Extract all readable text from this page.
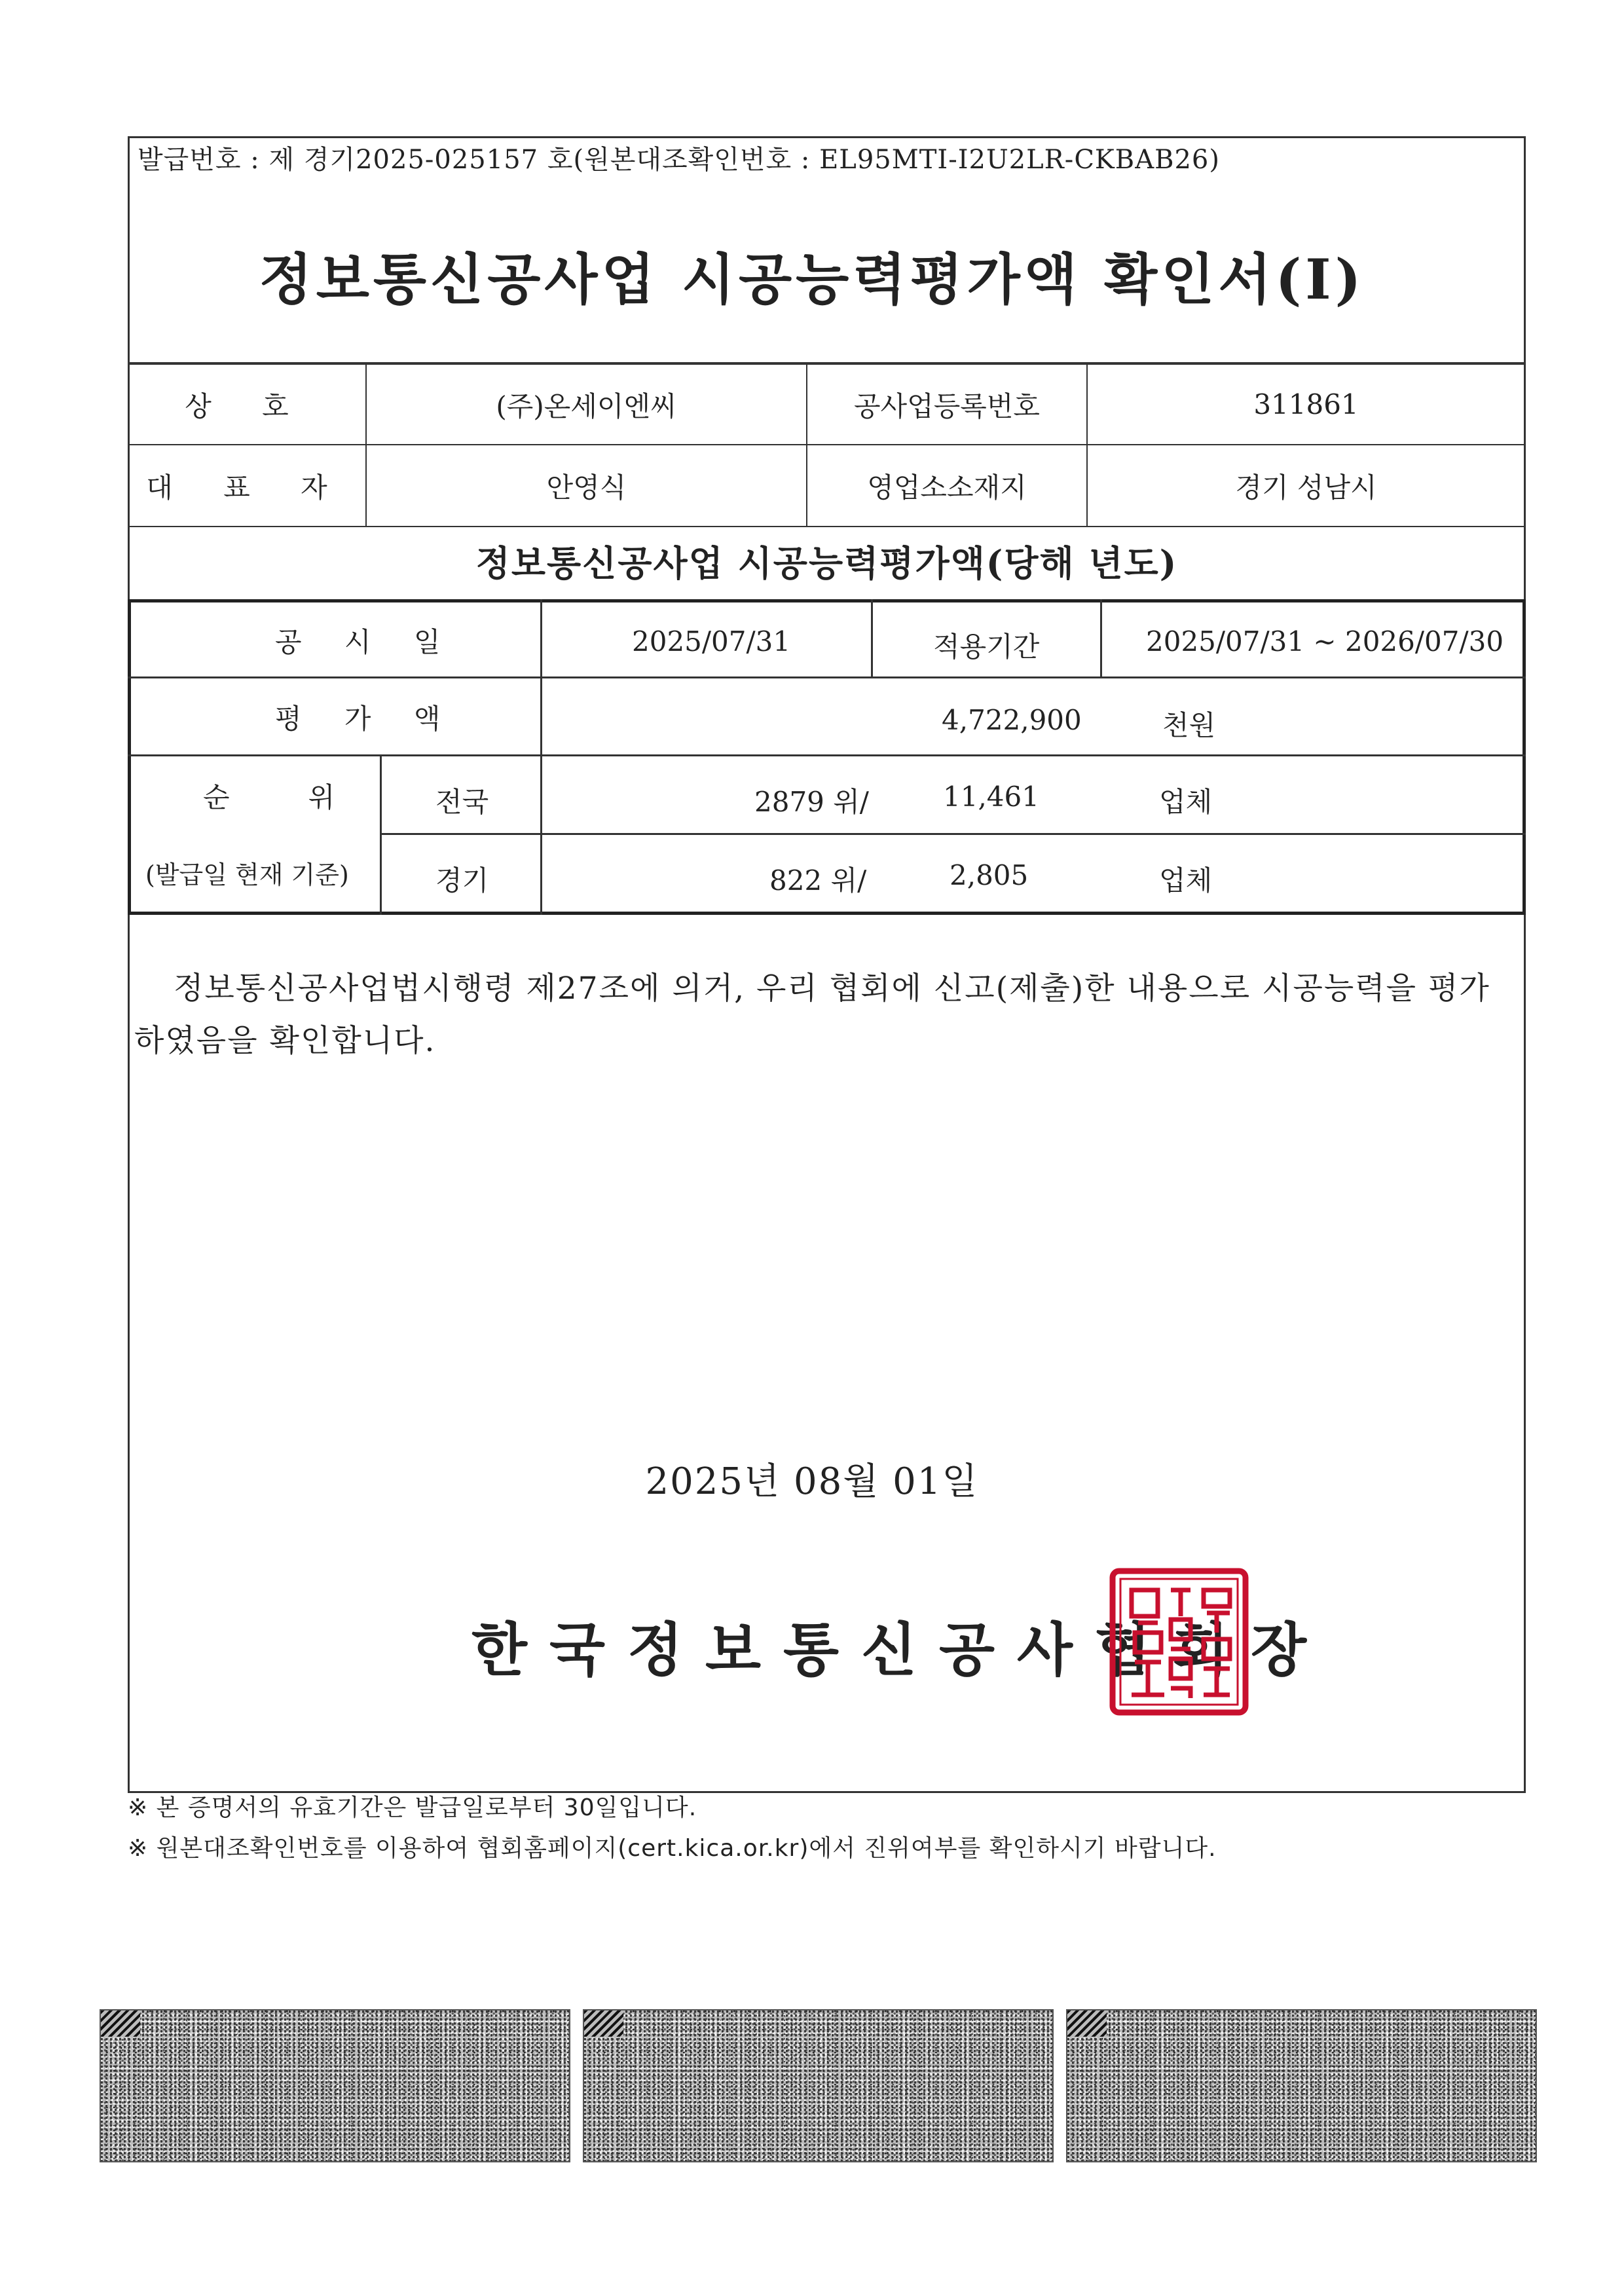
발급번호 : 제 경기2025-025157 호(원본대조확인번호 : EL95MTI-I2U2LR-CKBAB26)
정보통신공사업 시공능력평가액 확인서(Ⅰ)
상 호	(주)온세이엔씨	공사업등록번호	311861
대 표 자	안영식	영업소소재지	경기 성남시
정보통신공사업 시공능력평가액(당해 년도)
공 시 일	2025/07/31	적용기간	2025/07/31 ~ 2026/07/30
평 가 액	4,722,900	천원
순   위
(발급일 현재 기준)
전국	2879 위/	11,461	업체
경기	822 위/	2,805	업체
정보통신공사업법시행령 제27조에 의거, 우리 협회에 신고(제출)한 내용으로 시공능력을 평가하였음을 확인합니다.
2025년 08월 01일
한국정보통신공사협회장
※ 본 증명서의 유효기간은 발급일로부터 30일입니다.
※ 원본대조확인번호를 이용하여 협회홈페이지(cert.kica.or.kr)에서 진위여부를 확인하시기 바랍니다.
